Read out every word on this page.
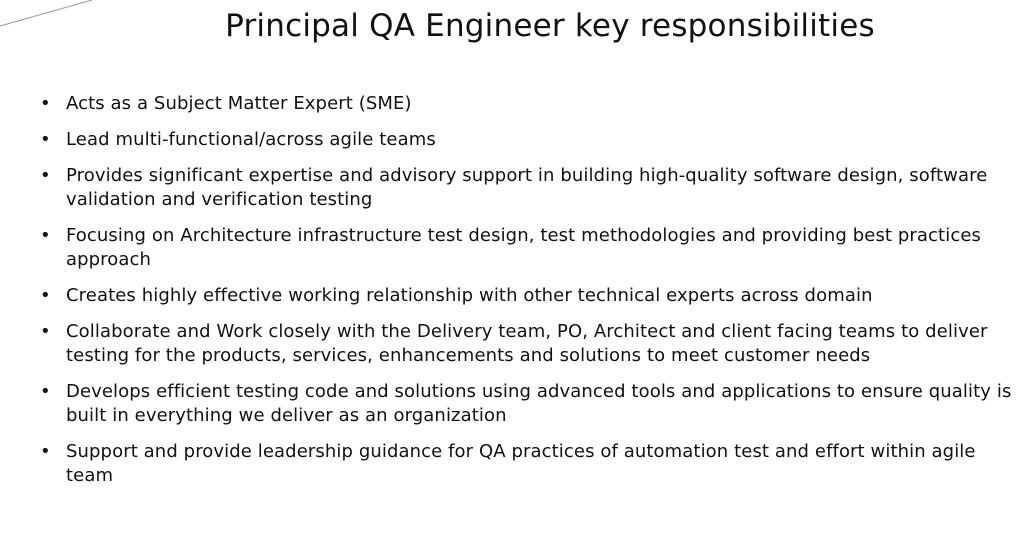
Principal QA Engineer key responsibilities
• Acts as a Subject Matter Expert (SME)
• Lead multi-functional/across agile teams
• Provides significant expertise and advisory support in building high-quality software design, software validation and verification testing
• Focusing on Architecture infrastructure test design, test methodologies and providing best practices approach
• Creates highly effective working relationship with other technical experts across domain
• Collaborate and Work closely with the Delivery team, PO, Architect and client facing teams to deliver testing for the products, services, enhancements and solutions to meet customer needs
• Develops efficient testing code and solutions using advanced tools and applications to ensure quality is built in everything we deliver as an organization
• Support and provide leadership guidance for QA practices of automation test and effort within agile team
